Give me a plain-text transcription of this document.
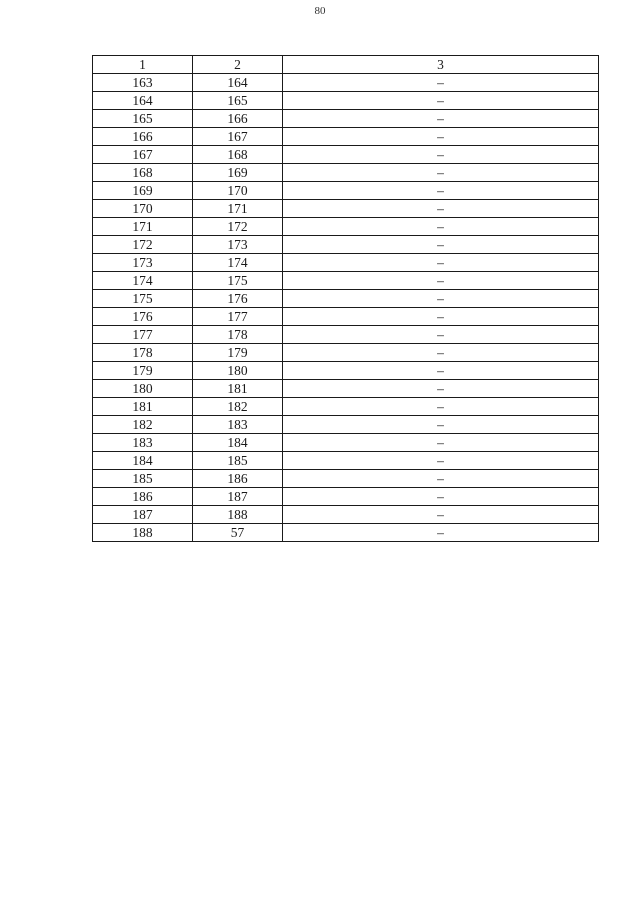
80
1	2	3
163	164	–
164	165	–
165	166	–
166	167	–
167	168	–
168	169	–
169	170	–
170	171	–
171	172	–
172	173	–
173	174	–
174	175	–
175	176	–
176	177	–
177	178	–
178	179	–
179	180	–
180	181	–
181	182	–
182	183	–
183	184	–
184	185	–
185	186	–
186	187	–
187	188	–
188	57	–
